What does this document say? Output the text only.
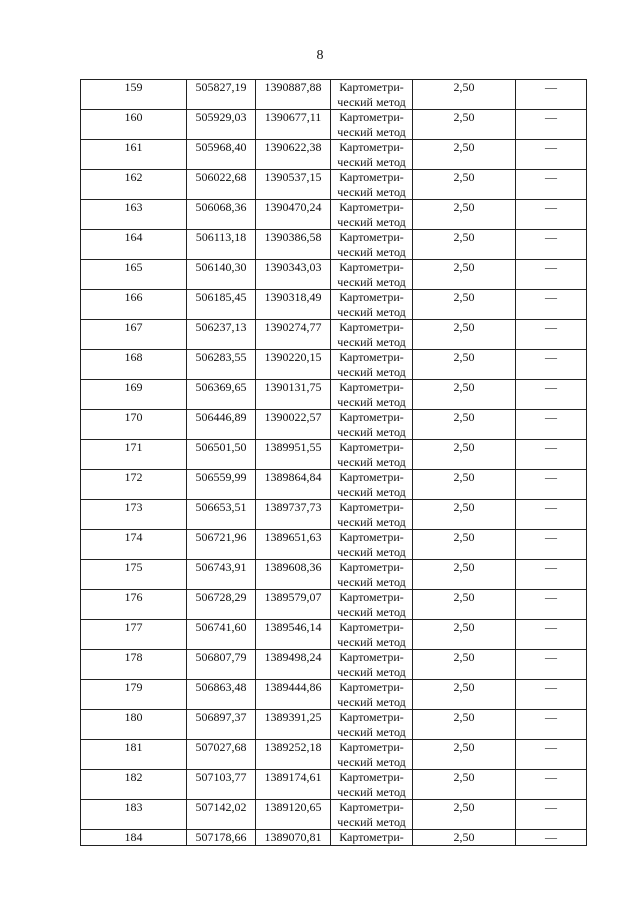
8
159	505827,19	1390887,88	Картометри-
ческий метод	2,50	—
160	505929,03	1390677,11	Картометри-
ческий метод	2,50	—
161	505968,40	1390622,38	Картометри-
ческий метод	2,50	—
162	506022,68	1390537,15	Картометри-
ческий метод	2,50	—
163	506068,36	1390470,24	Картометри-
ческий метод	2,50	—
164	506113,18	1390386,58	Картометри-
ческий метод	2,50	—
165	506140,30	1390343,03	Картометри-
ческий метод	2,50	—
166	506185,45	1390318,49	Картометри-
ческий метод	2,50	—
167	506237,13	1390274,77	Картометри-
ческий метод	2,50	—
168	506283,55	1390220,15	Картометри-
ческий метод	2,50	—
169	506369,65	1390131,75	Картометри-
ческий метод	2,50	—
170	506446,89	1390022,57	Картометри-
ческий метод	2,50	—
171	506501,50	1389951,55	Картометри-
ческий метод	2,50	—
172	506559,99	1389864,84	Картометри-
ческий метод	2,50	—
173	506653,51	1389737,73	Картометри-
ческий метод	2,50	—
174	506721,96	1389651,63	Картометри-
ческий метод	2,50	—
175	506743,91	1389608,36	Картометри-
ческий метод	2,50	—
176	506728,29	1389579,07	Картометри-
ческий метод	2,50	—
177	506741,60	1389546,14	Картометри-
ческий метод	2,50	—
178	506807,79	1389498,24	Картометри-
ческий метод	2,50	—
179	506863,48	1389444,86	Картометри-
ческий метод	2,50	—
180	506897,37	1389391,25	Картометри-
ческий метод	2,50	—
181	507027,68	1389252,18	Картометри-
ческий метод	2,50	—
182	507103,77	1389174,61	Картометри-
ческий метод	2,50	—
183	507142,02	1389120,65	Картометри-
ческий метод	2,50	—
184	507178,66	1389070,81	Картометри-	2,50	—
